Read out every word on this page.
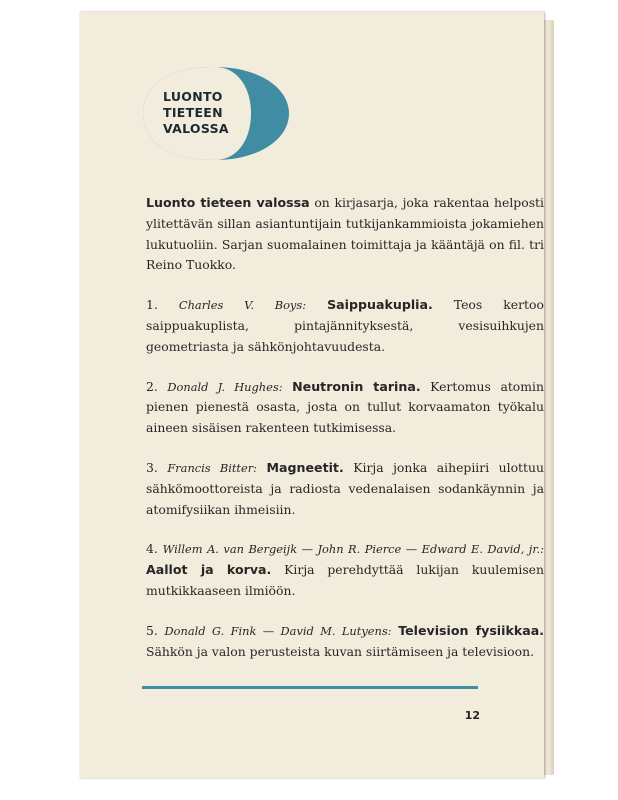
LUONTO
TIETEEN
VALOSSA

Luonto tieteen valossa on kirjasarja, joka rakentaa helposti ylitettävän sillan asiantuntijain tutkijankammioista jokamiehen lukutuoliin. Sarjan suomalainen toimittaja ja kääntäjä on fil. tri Reino Tuokko.

1. Charles V. Boys: Saippuakuplia. Teos kertoo saippuakuplista, pintajännityksestä, vesisuihkujen geometriasta ja sähkönjohtavuudesta.

2. Donald J. Hughes: Neutronin tarina. Kertomus atomin pienen pienestä osasta, josta on tullut korvaamaton työkalu aineen sisäisen rakenteen tutkimisessa.

3. Francis Bitter: Magneetit. Kirja jonka aihepiiri ulottuu sähkömoottoreista ja radiosta vedenalaisen sodankäynnin ja atomifysiikan ihmeisiin.

4. Willem A. van Bergeijk — John R. Pierce — Edward E. David, jr.: Aallot ja korva. Kirja perehdyttää lukijan kuulemisen mutkikkaaseen ilmiöön.

5. Donald G. Fink — David M. Lutyens: Television fysiikkaa. Sähkön ja valon perusteista kuvan siirtämiseen ja televisioon.

12
